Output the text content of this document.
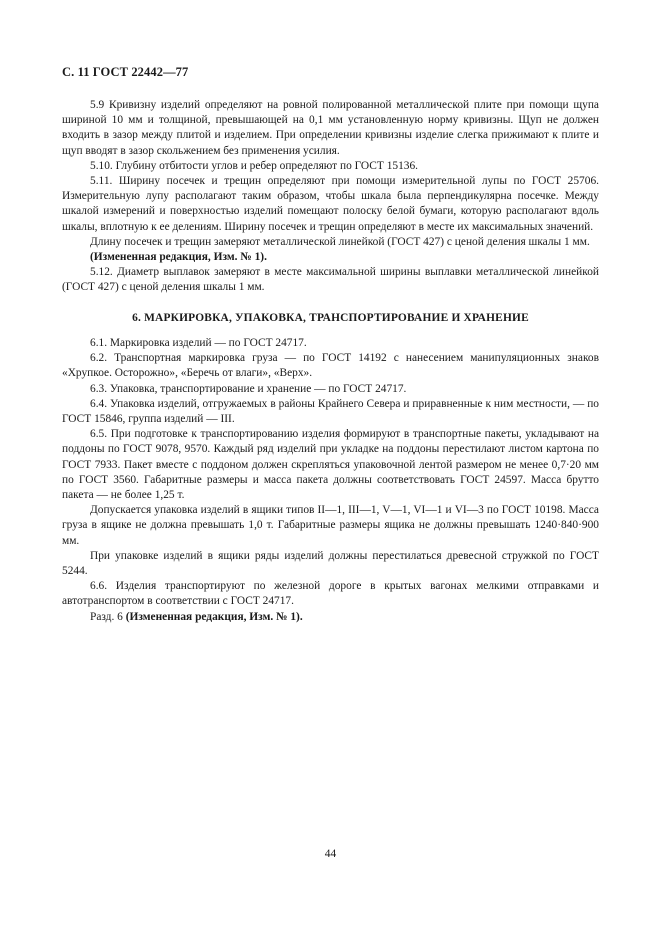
С. 11 ГОСТ 22442—77

5.9 Кривизну изделий определяют на ровной полированной металлической плите при помощи щупа шириной 10 мм и толщиной, превышающей на 0,1 мм установленную норму кривизны. Щуп не должен входить в зазор между плитой и изделием. При определении кривизны изделие слегка прижимают к плите и щуп вводят в зазор скольжением без применения усилия.

5.10. Глубину отбитости углов и ребер определяют по ГОСТ 15136.

5.11. Ширину посечек и трещин определяют при помощи измерительной лупы по ГОСТ 25706. Измерительную лупу располагают таким образом, чтобы шкала была перпендикулярна посечке. Между шкалой измерений и поверхностью изделий помещают полоску белой бумаги, которую располагают вдоль шкалы, вплотную к ее делениям. Ширину посечек и трещин определяют в месте их максимальных значений.

Длину посечек и трещин замеряют металлической линейкой (ГОСТ 427) с ценой деления шкалы 1 мм.

(Измененная редакция, Изм. № 1).

5.12. Диаметр выплавок замеряют в месте максимальной ширины выплавки металлической линейкой (ГОСТ 427) с ценой деления шкалы 1 мм.

6. МАРКИРОВКА, УПАКОВКА, ТРАНСПОРТИРОВАНИЕ И ХРАНЕНИЕ

6.1. Маркировка изделий — по ГОСТ 24717.

6.2. Транспортная маркировка груза — по ГОСТ 14192 с нанесением манипуляционных знаков «Хрупкое. Осторожно», «Беречь от влаги», «Верх».

6.3. Упаковка, транспортирование и хранение — по ГОСТ 24717.

6.4. Упаковка изделий, отгружаемых в районы Крайнего Севера и приравненные к ним местности, — по ГОСТ 15846, группа изделий — III.

6.5. При подготовке к транспортированию изделия формируют в транспортные пакеты, укладывают на поддоны по ГОСТ 9078, 9570. Каждый ряд изделий при укладке на поддоны перестилают листом картона по ГОСТ 7933. Пакет вместе с поддоном должен скрепляться упаковочной лентой размером не менее 0,7·20 мм по ГОСТ 3560. Габаритные размеры и масса пакета должны соответствовать ГОСТ 24597. Масса брутто пакета — не более 1,25 т.

Допускается упаковка изделий в ящики типов II—1, III—1, V—1, VI—1 и VI—3 по ГОСТ 10198. Масса груза в ящике не должна превышать 1,0 т. Габаритные размеры ящика не должны превышать 1240·840·900 мм.

При упаковке изделий в ящики ряды изделий должны перестилаться древесной стружкой по ГОСТ 5244.

6.6. Изделия транспортируют по железной дороге в крытых вагонах мелкими отправками и автотранспортом в соответствии с ГОСТ 24717.

Разд. 6 (Измененная редакция, Изм. № 1).

44
